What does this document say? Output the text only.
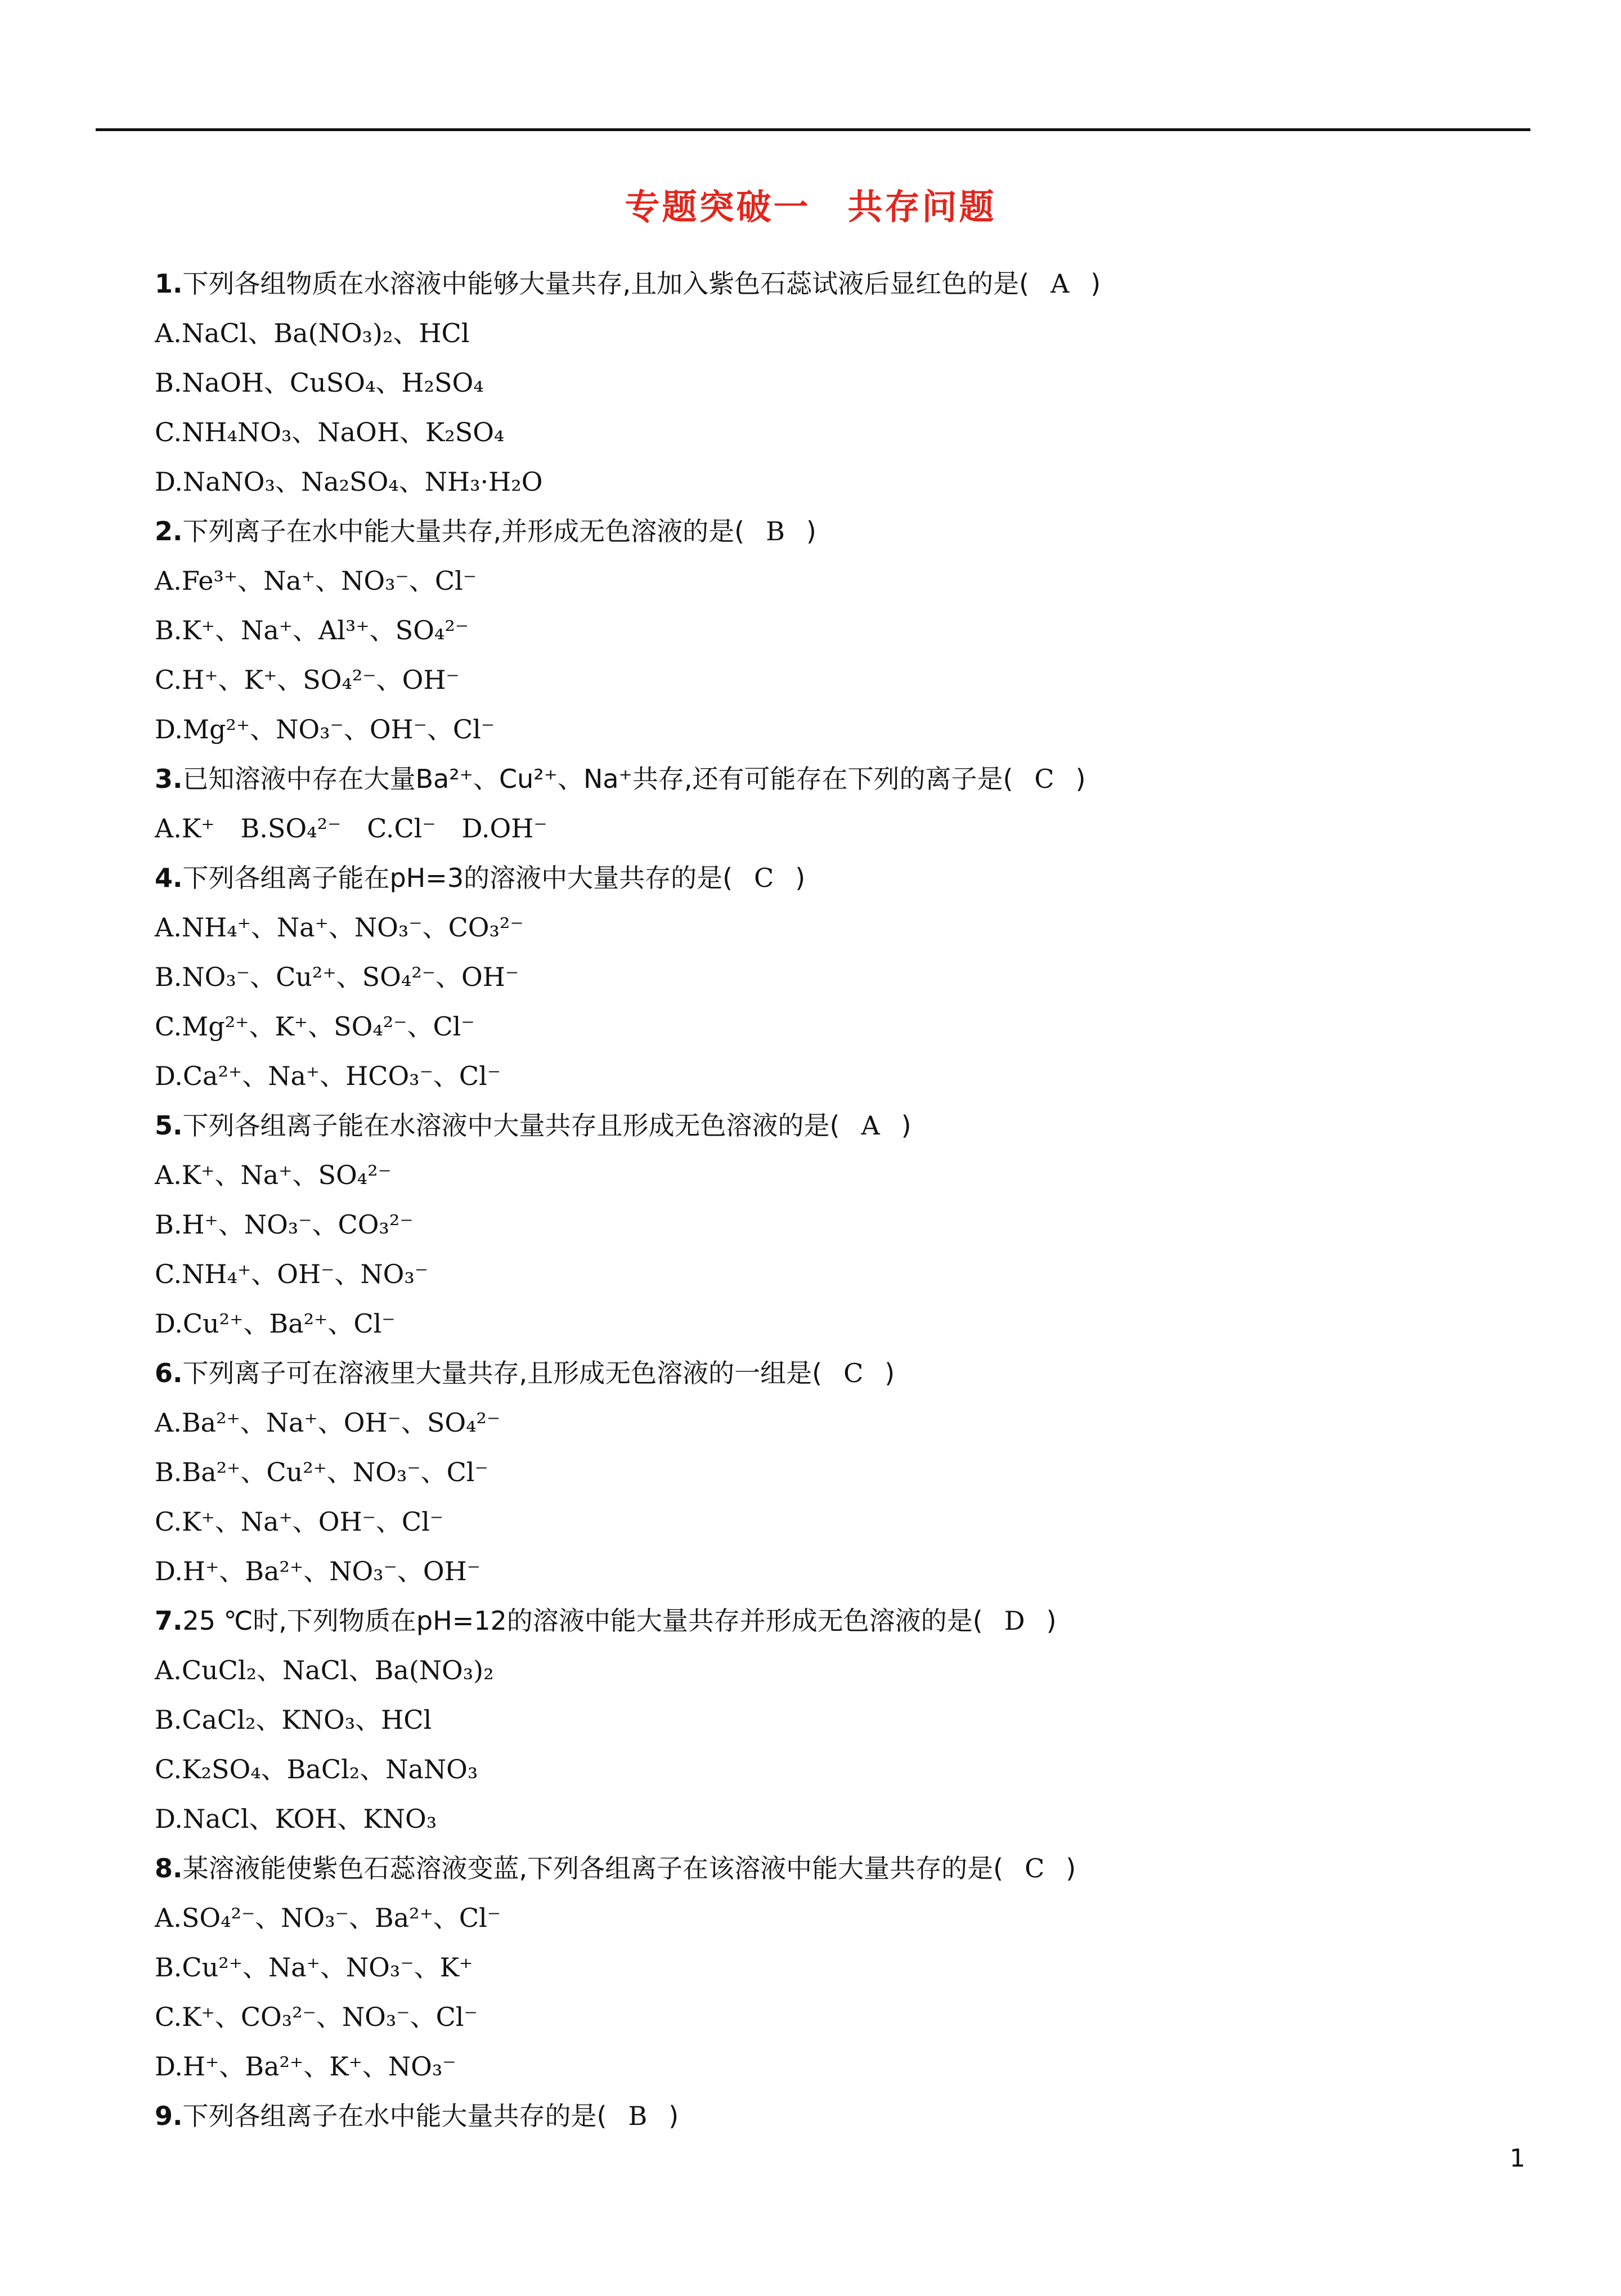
专题突破一　共存问题
1.下列各组物质在水溶液中能够大量共存,且加入紫色石蕊试液后显红色的是( A )
A.NaCl、Ba(NO₃)₂、HCl
B.NaOH、CuSO₄、H₂SO₄
C.NH₄NO₃、NaOH、K₂SO₄
D.NaNO₃、Na₂SO₄、NH₃·H₂O
2.下列离子在水中能大量共存,并形成无色溶液的是( B )
A.Fe³⁺、Na⁺、NO₃⁻、Cl⁻
B.K⁺、Na⁺、Al³⁺、SO₄²⁻
C.H⁺、K⁺、SO₄²⁻、OH⁻
D.Mg²⁺、NO₃⁻、OH⁻、Cl⁻
3.已知溶液中存在大量Ba²⁺、Cu²⁺、Na⁺共存,还有可能存在下列的离子是( C )
A.K⁺　B.SO₄²⁻　C.Cl⁻　D.OH⁻
4.下列各组离子能在pH=3的溶液中大量共存的是( C )
A.NH₄⁺、Na⁺、NO₃⁻、CO₃²⁻
B.NO₃⁻、Cu²⁺、SO₄²⁻、OH⁻
C.Mg²⁺、K⁺、SO₄²⁻、Cl⁻
D.Ca²⁺、Na⁺、HCO₃⁻、Cl⁻
5.下列各组离子能在水溶液中大量共存且形成无色溶液的是( A )
A.K⁺、Na⁺、SO₄²⁻
B.H⁺、NO₃⁻、CO₃²⁻
C.NH₄⁺、OH⁻、NO₃⁻
D.Cu²⁺、Ba²⁺、Cl⁻
6.下列离子可在溶液里大量共存,且形成无色溶液的一组是( C )
A.Ba²⁺、Na⁺、OH⁻、SO₄²⁻
B.Ba²⁺、Cu²⁺、NO₃⁻、Cl⁻
C.K⁺、Na⁺、OH⁻、Cl⁻
D.H⁺、Ba²⁺、NO₃⁻、OH⁻
7.25 ℃时,下列物质在pH=12的溶液中能大量共存并形成无色溶液的是( D )
A.CuCl₂、NaCl、Ba(NO₃)₂
B.CaCl₂、KNO₃、HCl
C.K₂SO₄、BaCl₂、NaNO₃
D.NaCl、KOH、KNO₃
8.某溶液能使紫色石蕊溶液变蓝,下列各组离子在该溶液中能大量共存的是( C )
A.SO₄²⁻、NO₃⁻、Ba²⁺、Cl⁻
B.Cu²⁺、Na⁺、NO₃⁻、K⁺
C.K⁺、CO₃²⁻、NO₃⁻、Cl⁻
D.H⁺、Ba²⁺、K⁺、NO₃⁻
9.下列各组离子在水中能大量共存的是( B )
1
